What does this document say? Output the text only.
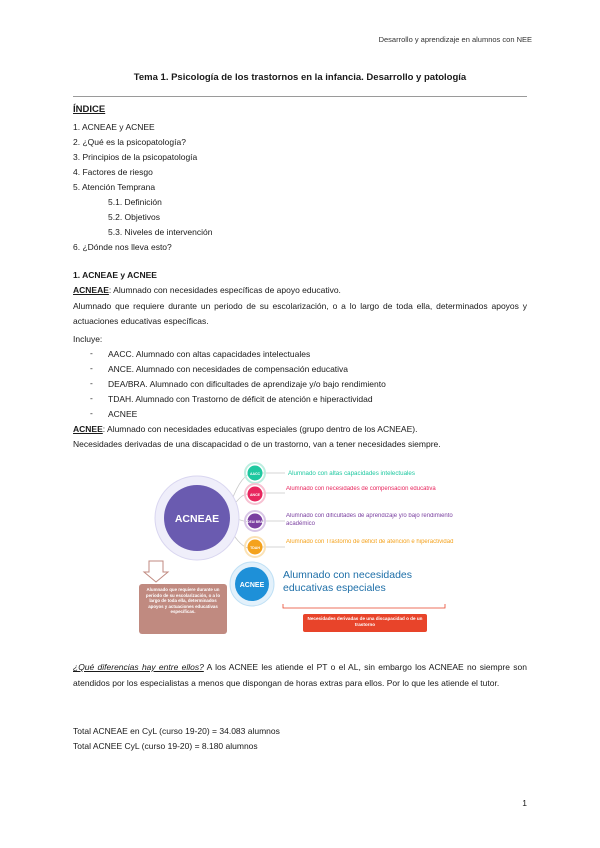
Desarrollo y aprendizaje en alumnos con NEE
Tema 1. Psicología de los trastornos en la infancia. Desarrollo y patología
ÍNDICE
1. ACNEAE y ACNEE
2. ¿Qué es la psicopatología?
3. Principios de la psicopatología
4. Factores de riesgo
5. Atención Temprana
5.1. Definición
5.2. Objetivos
5.3. Niveles de intervención
6. ¿Dónde nos lleva esto?
1. ACNEAE y ACNEE
ACNEAE: Alumnado con necesidades específicas de apoyo educativo.
Alumnado que requiere durante un periodo de su escolarización, o a lo largo de toda ella, determinados apoyos y actuaciones educativas específicas.
Incluye:
- AACC. Alumnado con altas capacidades intelectuales
- ANCE. Alumnado con necesidades de compensación educativa
- DEA/BRA. Alumnado con dificultades de aprendizaje y/o bajo rendimiento
- TDAH. Alumnado con Trastorno de déficit de atención e hiperactividad
- ACNEE
ACNEE: Alumnado con necesidades educativas especiales (grupo dentro de los ACNEAE).
Necesidades derivadas de una discapacidad o de un trastorno, van a tener necesidades siempre.
ACNEAE
AACC
ANCE
DEA/ BRA
TDAH
Alumnado con altas capacidades intelectuales
Alumnado con necesidades de compensación educativa
Alumnado con dificultades de aprendizaje y/o bajo rendimiento académico
Alumnado con Trastorno de déficit de atención e hiperactividad
ACNEE
Alumnado con necesidades educativas especiales
Necesidades derivadas de una discapacidad o de un trastorno
Alumnado que requiere durante un periodo de su escolarización, o a lo largo de toda ella, determinados apoyos y actuaciones educativas específicas.
¿Qué diferencias hay entre ellos? A los ACNEE les atiende el PT o el AL, sin embargo los ACNEAE no siempre son atendidos por los especialistas a menos que dispongan de horas extras para ellos. Por lo que les atiende el tutor.
Total ACNEAE en CyL (curso 19-20) = 34.083 alumnos
Total ACNEE CyL (curso 19-20) = 8.180 alumnos
1
